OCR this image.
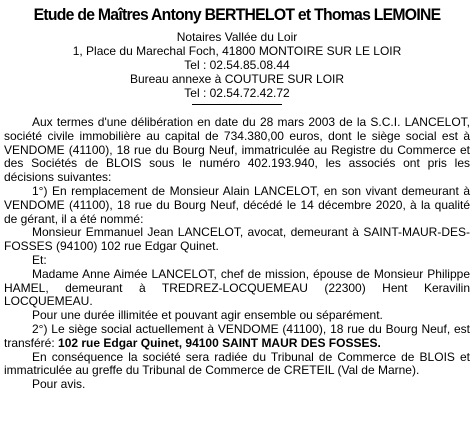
Etude de Maîtres Antony BERTHELOT et Thomas LEMOINE
Notaires Vallée du Loir
1, Place du Marechal Foch, 41800 MONTOIRE SUR LE LOIR
Tel : 02.54.85.08.44
Bureau annexe à COUTURE SUR LOIR
Tel : 02.54.72.42.72

Aux termes d'une délibération en date du 28 mars 2003 de la S.C.I. LANCELOT, société civile immobilière au capital de 734.380,00 euros, dont le siège social est à VENDOME (41100), 18 rue du Bourg Neuf, immatriculée au Registre du Commerce et des Sociétés de BLOIS sous le numéro 402.193.940, les associés ont pris les décisions suivantes:

1°) En remplacement de Monsieur Alain LANCELOT, en son vivant demeurant à VENDOME (41100), 18 rue du Bourg Neuf, décédé le 14 décembre 2020, à la qualité de gérant, il a été nommé:

Monsieur Emmanuel Jean LANCELOT, avocat, demeurant à SAINT-MAUR-DES-FOSSES (94100) 102 rue Edgar Quinet.

Et:

Madame Anne Aimée LANCELOT, chef de mission, épouse de Monsieur Philippe HAMEL, demeurant à TREDREZ-LOCQUEMEAU (22300) Hent Keravilin LOCQUEMEAU.

Pour une durée illimitée et pouvant agir ensemble ou séparément.

2°) Le siège social actuellement à VENDOME (41100), 18 rue du Bourg Neuf, est transféré: 102 rue Edgar Quinet, 94100 SAINT MAUR DES FOSSES.

En conséquence la société sera radiée du Tribunal de Commerce de BLOIS et immatriculée au greffe du Tribunal de Commerce de CRETEIL (Val de Marne).

Pour avis.
